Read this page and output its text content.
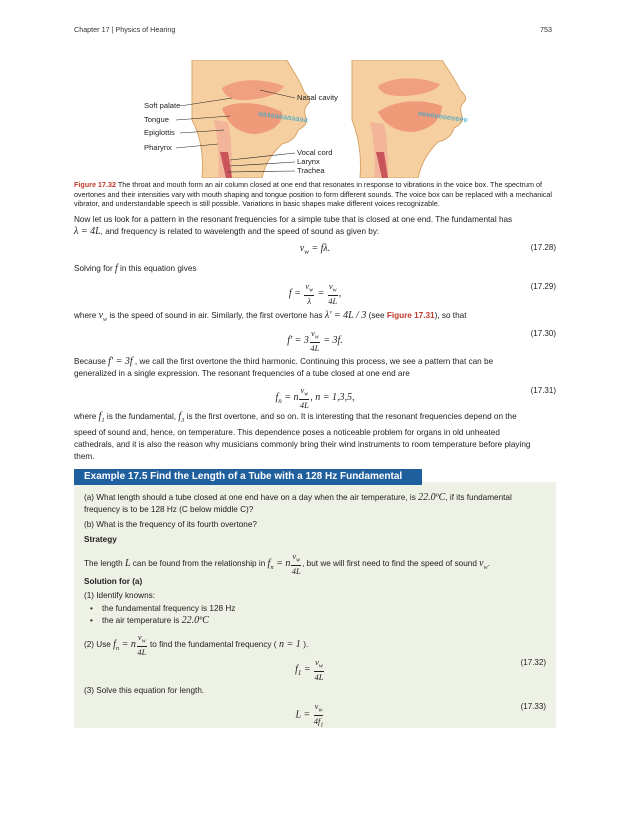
Chapter 17 | Physics of Hearing	753
Soft palate
Tongue
Epiglottis
Pharynx
Nasal cavity
Vocal cord
Larynx
Trachea
aaaaaaaaaaaa	eeeeeeeeeeee
Figure 17.32 The throat and mouth form an air column closed at one end that resonates in response to vibrations in the voice box. The spectrum of overtones and their intensities vary with mouth shaping and tongue position to form different sounds. The voice box can be replaced with a mechanical vibrator, and understandable speech is still possible. Variations in basic shapes make different voices recognizable.
Now let us look for a pattern in the resonant frequencies for a simple tube that is closed at one end. The fundamental has
λ = 4L, and frequency is related to wavelength and the speed of sound as given by:
$v_w = f\lambda$.	(17.28)
Solving for f in this equation gives
$f = \frac{v_w}{\lambda} = \frac{v_w}{4L}$ ,
(17.29)
where $v_w$ is the speed of sound in air. Similarly, the first overtone has λ′ = 4L / 3 (see Figure 17.31), so that
$f' = 3 \frac{v_w}{4L} = 3f$.
(17.30)
Because f′ = 3f , we call the first overtone the third harmonic. Continuing this process, we see a pattern that can be
generalized in a single expression. The resonant frequencies of a tube closed at one end are
$f_n = n \frac{v_w}{4L}$ , n = 1,3,5,
(17.31)
where $f_1$ is the fundamental, $f_3$ is the first overtone, and so on. It is interesting that the resonant frequencies depend on the
speed of sound and, hence, on temperature. This dependence poses a noticeable problem for organs in old unheated
cathedrals, and it is also the reason why musicians commonly bring their wind instruments to room temperature before playing
them.
(a) What length should a tube closed at one end have on a day when the air temperature, is 22.0ºC, if its fundamental
frequency is to be 128 Hz (C below middle C)?
(b) What is the frequency of its fourth overtone?
Strategy
The length L can be found from the relationship in $f_n = n \frac{v_w}{4L}$ , but we will first need to find the speed of sound $v_w$.
Solution for (a)
(1) Identify knowns:
• the fundamental frequency is 128 Hz
• the air temperature is 22.0ºC
(2) Use $f_n = n \frac{v_w}{4L}$ to find the fundamental frequency ( n = 1 ).
$f_1 = \frac{v_w}{4L}$	(17.32)
(3) Solve this equation for length.
$L = \frac{v_w}{4f_1}$	(17.33)
Example 17.5 Find the Length of a Tube with a 128 Hz Fundamental
